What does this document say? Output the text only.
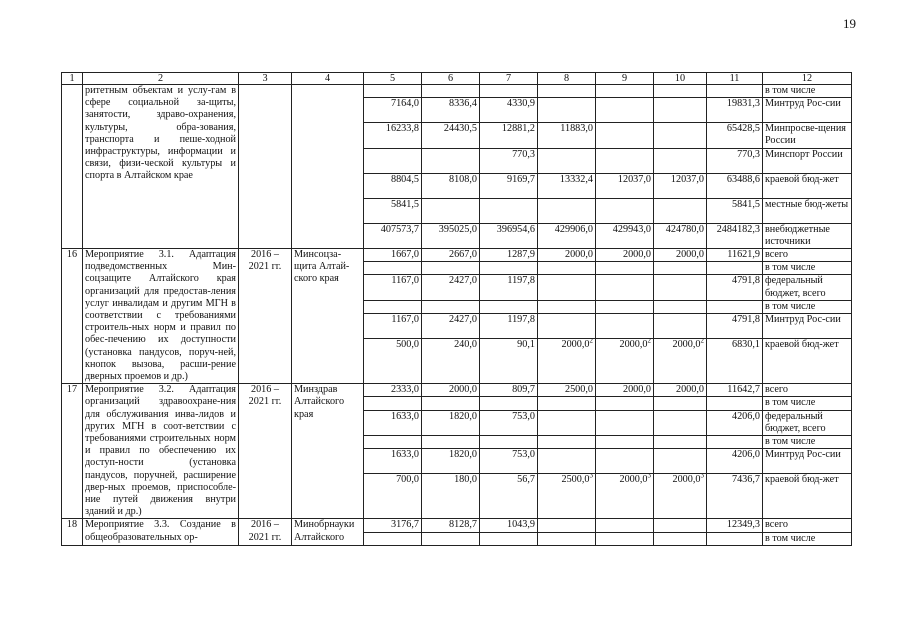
19
1	2	3	4	5	6	7	8	9	10	11	12
	ритетным объектам и услу-гам в сфере социальной за-щиты, занятости, здраво-охранения, культуры, обра-зования, транспорта и пеше-ходной инфраструктуры, информации и связи, физи-ческой культуры и спорта в Алтайском крае										в том числе
				7164,0	8336,4	4330,9				19831,3	Минтруд Рос-сии
				16233,8	24430,5	12881,2	11883,0			65428,5	Минпросве-щения России
						770,3				770,3	Минспорт России
				8804,5	8108,0	9169,7	13332,4	12037,0	12037,0	63488,6	краевой бюд-жет
				5841,5						5841,5	местные бюд-жеты
				407573,7	395025,0	396954,6	429906,0	429943,0	424780,0	2484182,3	внебюджетные источники
16	Мероприятие 3.1. Адаптация подведомственных Мин-соцзащите Алтайского края организаций для предостав-ления услуг инвалидам и другим МГН в соответствии с требованиями строитель-ных норм и правил по обес-печению их доступности (установка пандусов, поруч-ней, кнопок вызова, расши-рение дверных проемов и др.)	2016 – 2021 гг.	Минсоцза-щита Алтай-ского края	1667,0	2667,0	1287,9	2000,0	2000,0	2000,0	11621,9	всего
											в том числе
				1167,0	2427,0	1197,8				4791,8	федеральный бюджет, всего
											в том числе
				1167,0	2427,0	1197,8				4791,8	Минтруд Рос-сии
				500,0	240,0	90,1	2000,0$^2$	2000,0$^2$	2000,0$^2$	6830,1	краевой бюд-жет
17	Мероприятие 3.2. Адаптация организаций здравоохране-ния для обслуживания инва-лидов и других МГН в соот-ветствии с требованиями строительных норм и правил по обеспечению их доступ-ности (установка пандусов, поручней, расширение двер-ных проемов, приспособле-ние путей движения внутри зданий и др.)	2016 – 2021 гг.	Минздрав Алтайского края	2333,0	2000,0	809,7	2500,0	2000,0	2000,0	11642,7	всего
											в том числе
				1633,0	1820,0	753,0				4206,0	федеральный бюджет, всего
											в том числе
				1633,0	1820,0	753,0				4206,0	Минтруд Рос-сии
				700,0	180,0	56,7	2500,0$^3$	2000,0$^3$	2000,0$^3$	7436,7	краевой бюд-жет
18	Мероприятие 3.3. Создание в общеобразовательных ор-	2016 – 2021 гг.	Минобрнауки Алтайского	3176,7	8128,7	1043,9				12349,3	всего
											в том числе
